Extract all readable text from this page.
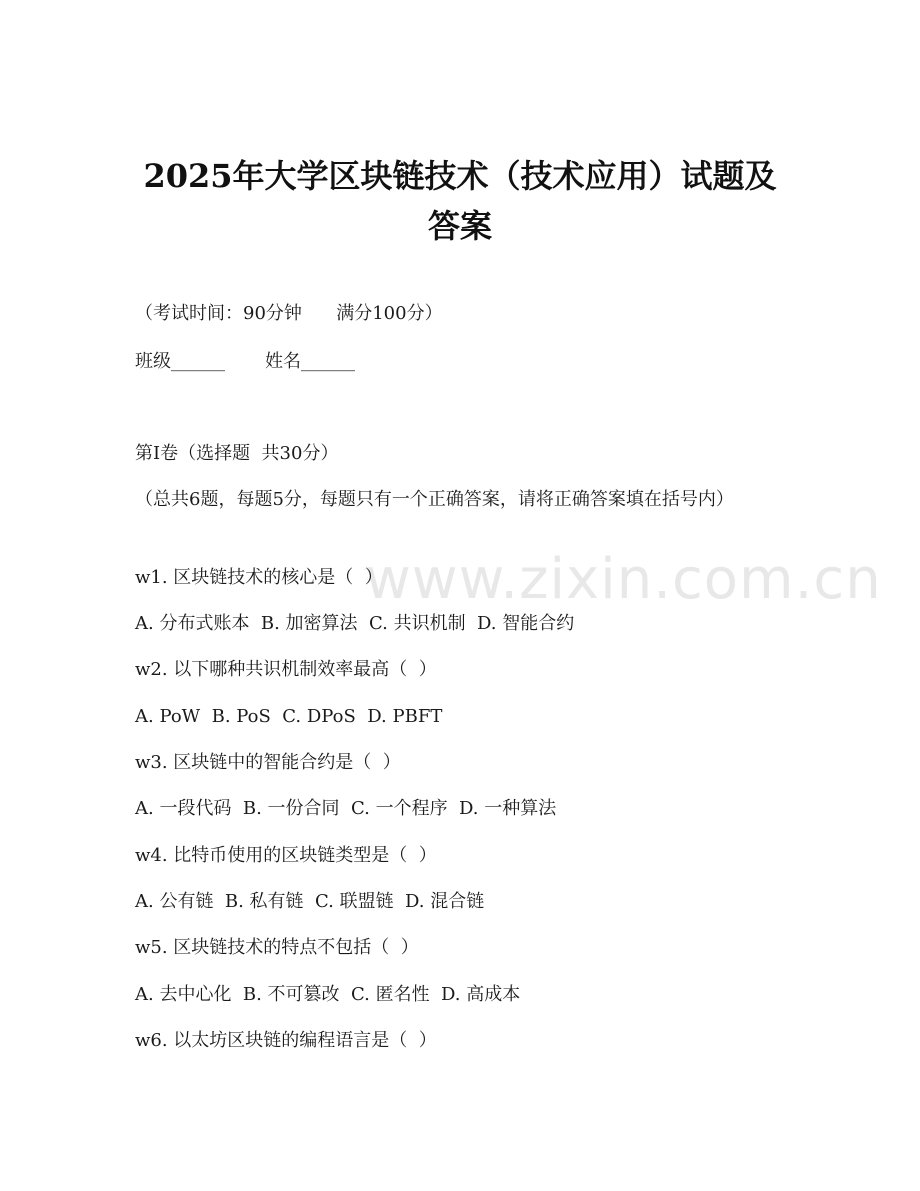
www.zixin.com.cn
2025年大学区块链技术（技术应用）试题及
答案
（考试时间：90分钟      满分100分）
班级______       姓名______
第I卷（选择题  共30分）
（总共6题，每题5分，每题只有一个正确答案，请将正确答案填在括号内）
w1. 区块链技术的核心是（  ）
A. 分布式账本  B. 加密算法  C. 共识机制  D. 智能合约
w2. 以下哪种共识机制效率最高（  ）
A. PoW  B. PoS  C. DPoS  D. PBFT
w3. 区块链中的智能合约是（  ）
A. 一段代码  B. 一份合同  C. 一个程序  D. 一种算法
w4. 比特币使用的区块链类型是（  ）
A. 公有链  B. 私有链  C. 联盟链  D. 混合链
w5. 区块链技术的特点不包括（  ）
A. 去中心化  B. 不可篡改  C. 匿名性  D. 高成本
w6. 以太坊区块链的编程语言是（  ）
